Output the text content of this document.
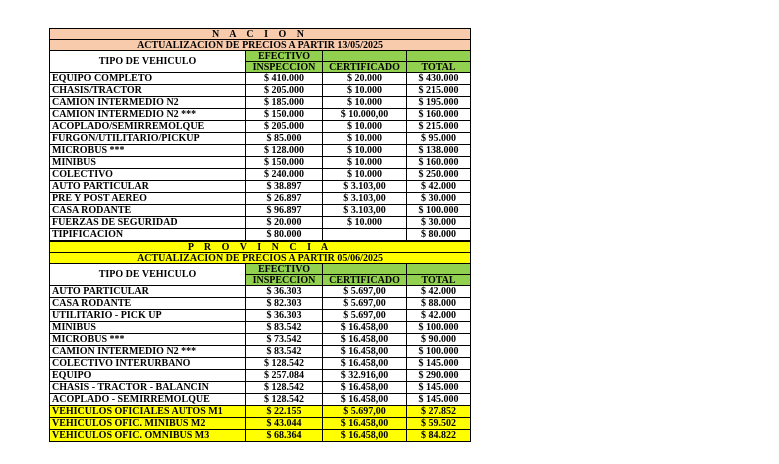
N A C I O N			
ACTUALIZACION DE PRECIOS A PARTIR 13/05/2025			
TIPO DE VEHICULO	EFECTIVO		
	INSPECCION	CERTIFICADO	TOTAL
EQUIPO COMPLETO	$ 410.000	$ 20.000	$ 430.000
CHASIS/TRACTOR	$ 205.000	$ 10.000	$ 215.000
CAMION INTERMEDIO N2	$ 185.000	$ 10.000	$ 195.000
CAMION INTERMEDIO N2 ***	$ 150.000	$ 10.000,00	$ 160.000
ACOPLADO/SEMIRREMOLQUE	$ 205.000	$ 10.000	$ 215.000
FURGON/UTILITARIO/PICKUP	$ 85.000	$ 10.000	$ 95.000
MICROBUS ***	$ 128.000	$ 10.000	$ 138.000
MINIBUS	$ 150.000	$ 10.000	$ 160.000
COLECTIVO	$ 240.000	$ 10.000	$ 250.000
AUTO PARTICULAR	$ 38.897	$ 3.103,00	$ 42.000
PRE Y POST AEREO	$ 26.897	$ 3.103,00	$ 30.000
CASA RODANTE	$ 96.897	$ 3.103,00	$ 100.000
FUERZAS DE SEGURIDAD	$ 20.000	$ 10.000	$ 30.000
TIPIFICACION	$ 80.000		$ 80.000
P R O V I N C I A			
ACTUALIZACION DE PRECIOS A PARTIR 05/06/2025			
TIPO DE VEHICULO	EFECTIVO		
	INSPECCION	CERTIFICADO	TOTAL
AUTO PARTICULAR	$ 36.303	$ 5.697,00	$ 42.000
CASA RODANTE	$ 82.303	$ 5.697,00	$ 88.000
UTILITARIO - PICK UP	$ 36.303	$ 5.697,00	$ 42.000
MINIBUS	$ 83.542	$ 16.458,00	$ 100.000
MICROBUS ***	$ 73.542	$ 16.458,00	$ 90.000
CAMION INTERMEDIO N2 ***	$ 83.542	$ 16.458,00	$ 100.000
COLECTIVO INTERURBANO	$ 128.542	$ 16.458,00	$ 145.000
EQUIPO	$ 257.084	$ 32.916,00	$ 290.000
CHASIS - TRACTOR - BALANCIN	$ 128.542	$ 16.458,00	$ 145.000
ACOPLADO - SEMIRREMOLQUE	$ 128.542	$ 16.458,00	$ 145.000
VEHICULOS OFICIALES AUTOS M1	$ 22.155	$ 5.697,00	$ 27.852
VEHICULOS OFIC. MINIBUS M2	$ 43.044	$ 16.458,00	$ 59.502
VEHICULOS OFIC. OMNIBUS M3	$ 68.364	$ 16.458,00	$ 84.822
